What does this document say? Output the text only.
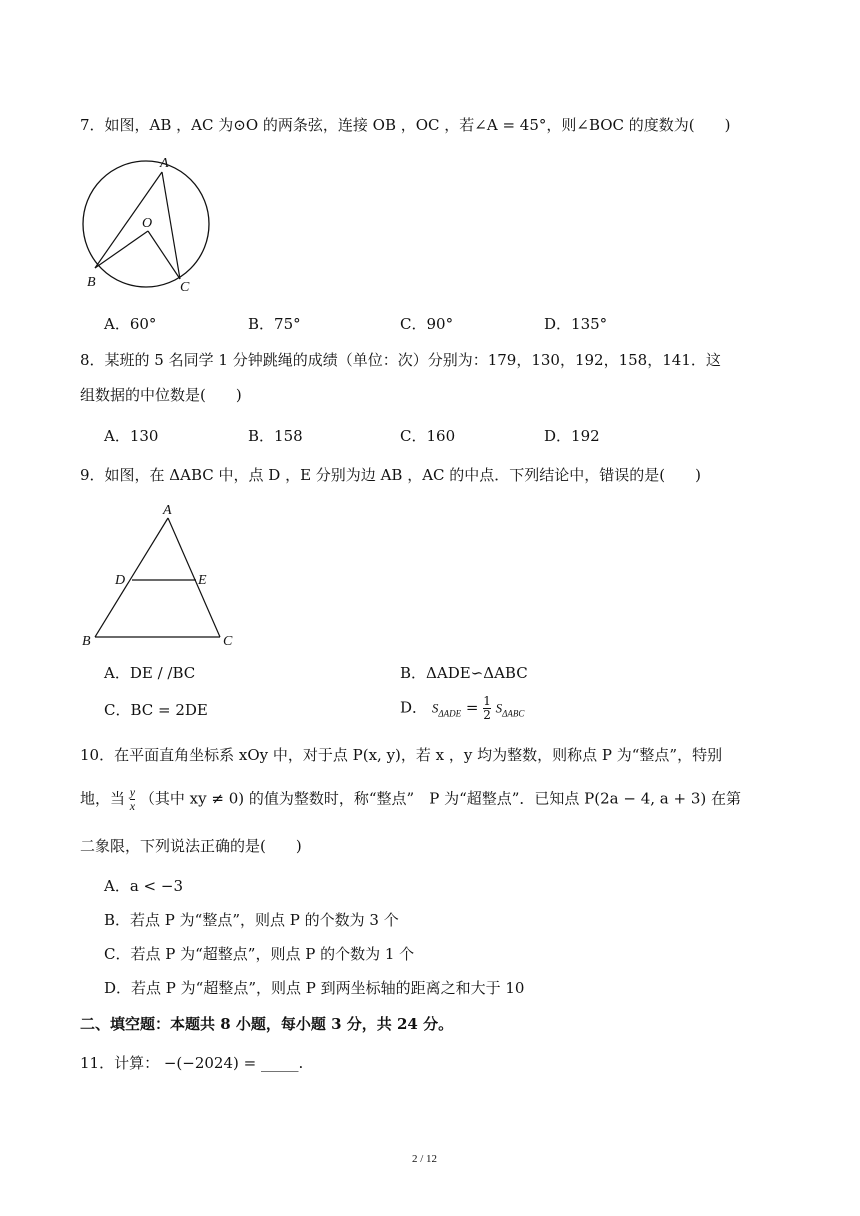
7．如图，AB ，AC 为⊙O 的两条弦，连接 OB ，OC ，若∠A = 45°，则∠BOC 的度数为(　　)
A
O
B	C
A．60°	B．75°	C．90°	D．135°
8．某班的 5 名同学 1 分钟跳绳的成绩（单位：次）分别为：179，130，192，158，141．这
组数据的中位数是(　　)
A．130	B．158	C．160	D．192
9．如图，在 ΔABC 中，点 D ，E 分别为边 AB ，AC 的中点．下列结论中，错误的是(　　)
A
D	E
B	C
A．DE / /BC	B．ΔADE∽ΔABC
C．BC = 2DE	D． $S_{\Delta ADE} = \frac{1}{2} S_{\Delta ABC}$
10．在平面直角坐标系 xOy 中，对于点 P(x, y)，若 x ，y 均为整数，则称点 P 为“整点”，特别
地，当 $\frac{y}{x}$ （其中 xy ≠ 0) 的值为整数时，称“整点”　P 为“超整点”．已知点 P(2a − 4, a + 3) 在第
二象限，下列说法正确的是(　　)
A．a < −3
B．若点 P 为“整点”，则点 P 的个数为 3 个
C．若点 P 为“超整点”，则点 P 的个数为 1 个
D．若点 P 为“超整点”，则点 P 到两坐标轴的距离之和大于 10
二、填空题：本题共 8 小题，每小题 3 分，共 24 分。
11．计算： −(−2024) = _____.
2 / 12
